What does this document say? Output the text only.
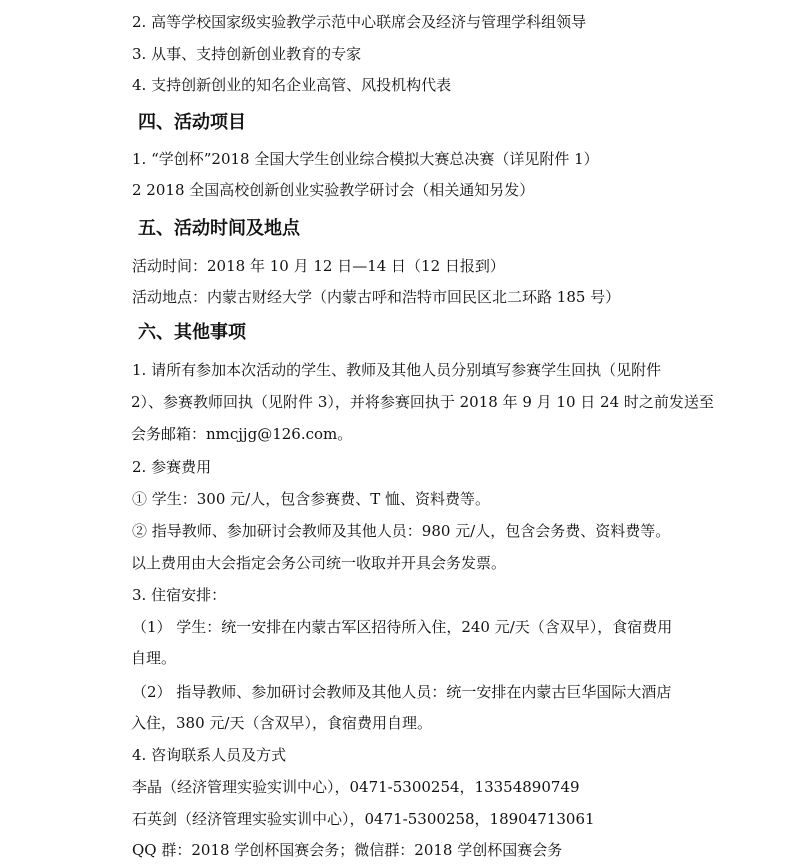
2. 高等学校国家级实验教学示范中心联席会及经济与管理学科组领导
3. 从事、支持创新创业教育的专家
4. 支持创新创业的知名企业高管、风投机构代表
四、活动项目
1. “学创杯”2018 全国大学生创业综合模拟大赛总决赛（详见附件 1）
2 2018 全国高校创新创业实验教学研讨会（相关通知另发）
五、活动时间及地点
活动时间：2018 年 10 月 12 日—14 日（12 日报到）
活动地点：内蒙古财经大学（内蒙古呼和浩特市回民区北二环路 185 号）
六、其他事项
1. 请所有参加本次活动的学生、教师及其他人员分别填写参赛学生回执（见附件
2）、参赛教师回执（见附件 3），并将参赛回执于 2018 年 9 月 10 日 24 时之前发送至
会务邮箱：nmcjjg@126.com。
2. 参赛费用
① 学生：300 元/人，包含参赛费、T 恤、资料费等。
② 指导教师、参加研讨会教师及其他人员：980 元/人，包含会务费、资料费等。
以上费用由大会指定会务公司统一收取并开具会务发票。
3. 住宿安排：
（1） 学生：统一安排在内蒙古军区招待所入住，240 元/天（含双早），食宿费用
自理。
（2） 指导教师、参加研讨会教师及其他人员：统一安排在内蒙古巨华国际大酒店
入住，380 元/天（含双早），食宿费用自理。
4. 咨询联系人员及方式
李晶（经济管理实验实训中心），0471-5300254，13354890749
石英剑（经济管理实验实训中心），0471-5300258，18904713061
QQ 群：2018 学创杯国赛会务；微信群：2018 学创杯国赛会务
